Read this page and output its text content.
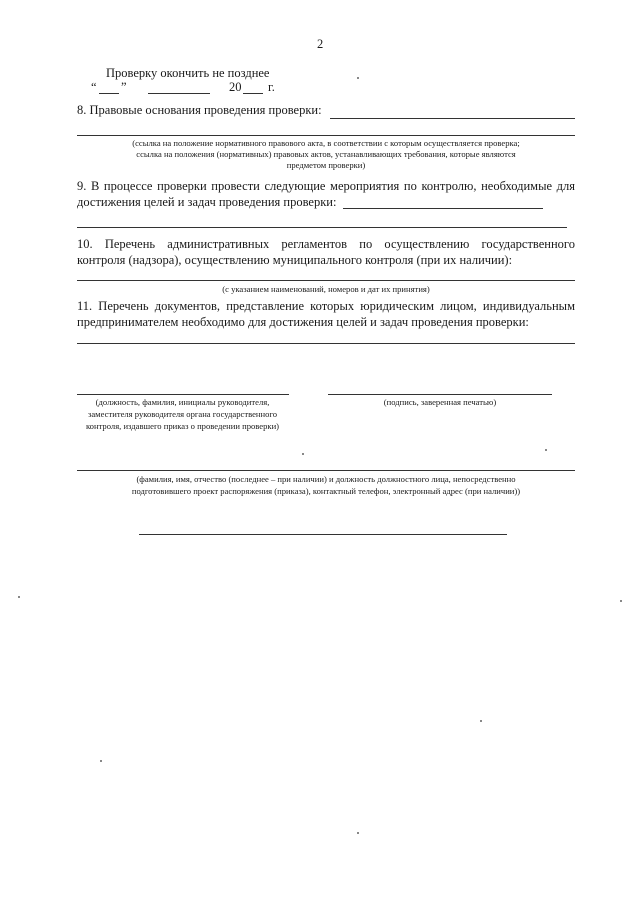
2
Проверку окончить не позднее
“ ”	20 г.
8. Правовые основания проведения проверки:
(ссылка на положение нормативного правового акта, в соответствии с которым осуществляется проверка;
ссылка на положения (нормативных) правовых актов, устанавливающих требования, которые являются
предметом проверки)
9. В процессе проверки провести следующие мероприятия по контролю, необходимые для
достижения целей и задач проведения проверки:
10. Перечень административных регламентов по осуществлению государственного
контроля (надзора), осуществлению муниципального контроля (при их наличии):
(с указанием наименований, номеров и дат их принятия)
11. Перечень документов, представление которых юридическим лицом, индивидуальным
предпринимателем необходимо для достижения целей и задач проведения проверки:
(должность, фамилия, инициалы руководителя,
заместителя руководителя органа государственного
контроля, издавшего приказ о проведении проверки)
(подпись, заверенная печатью)
(фамилия, имя, отчество (последнее – при наличии) и должность должностного лица, непосредственно
подготовившего проект распоряжения (приказа), контактный телефон, электронный адрес (при наличии))
